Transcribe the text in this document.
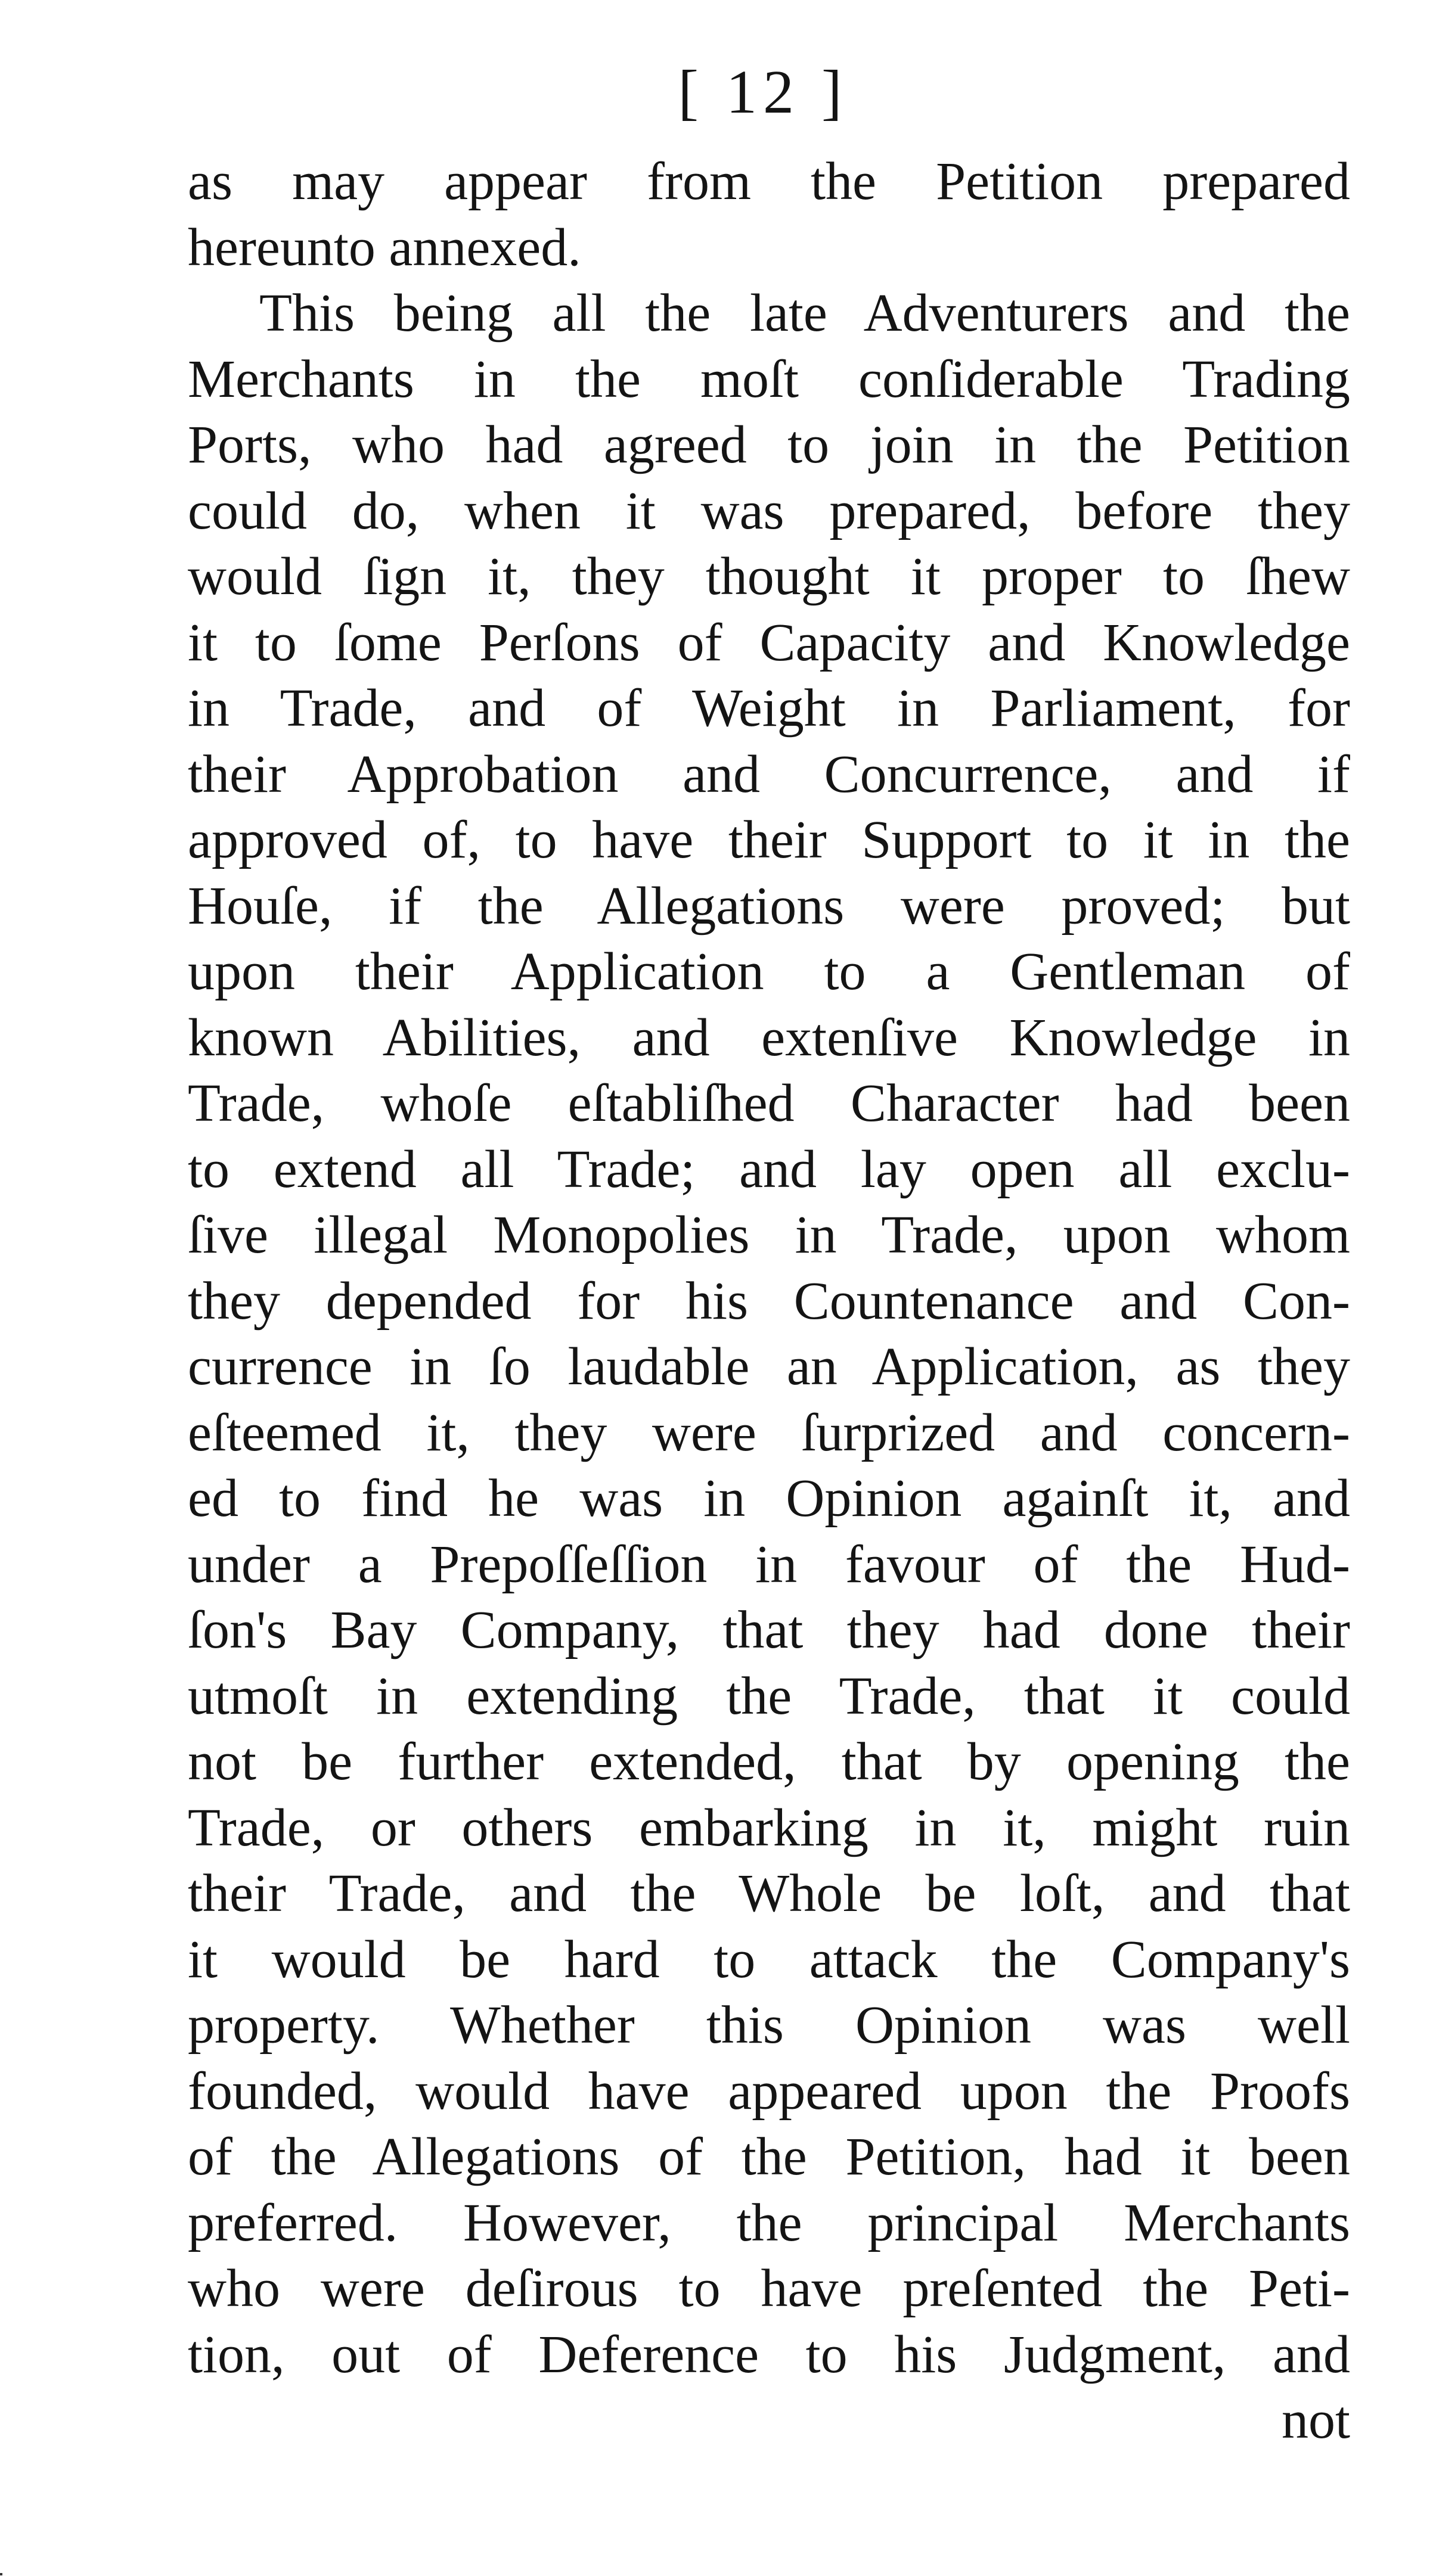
[ 12 ]
as may appear from the Petition prepared
hereunto annexed.
This being all the late Adventurers and the
Merchants in the moſt conſiderable Trading
Ports, who had agreed to join in the Petition
could do, when it was prepared, before they
would ſign it, they thought it proper to ſhew
it to ſome Perſons of Capacity and Knowledge
in Trade, and of Weight in Parliament, for
their Approbation and Concurrence, and if
approved of, to have their Support to it in the
Houſe, if the Allegations were proved; but
upon their Application to a Gentleman of
known Abilities, and extenſive Knowledge in
Trade, whoſe eſtabliſhed Character had been
to extend all Trade; and lay open all exclu-
ſive illegal Monopolies in Trade, upon whom
they depended for his Countenance and Con-
currence in ſo laudable an Application, as they
eſteemed it, they were ſurprized and concern-
ed to find he was in Opinion againſt it, and
under a Prepoſſeſſion in favour of the Hud-
ſon's Bay Company, that they had done their
utmoſt in extending the Trade, that it could
not be further extended, that by opening the
Trade, or others embarking in it, might ruin
their Trade, and the Whole be loſt, and that
it would be hard to attack the Company's
property. Whether this Opinion was well
founded, would have appeared upon the Proofs
of the Allegations of the Petition, had it been
preferred. However, the principal Merchants
who were deſirous to have preſented the Peti-
tion, out of Deference to his Judgment, and
not
